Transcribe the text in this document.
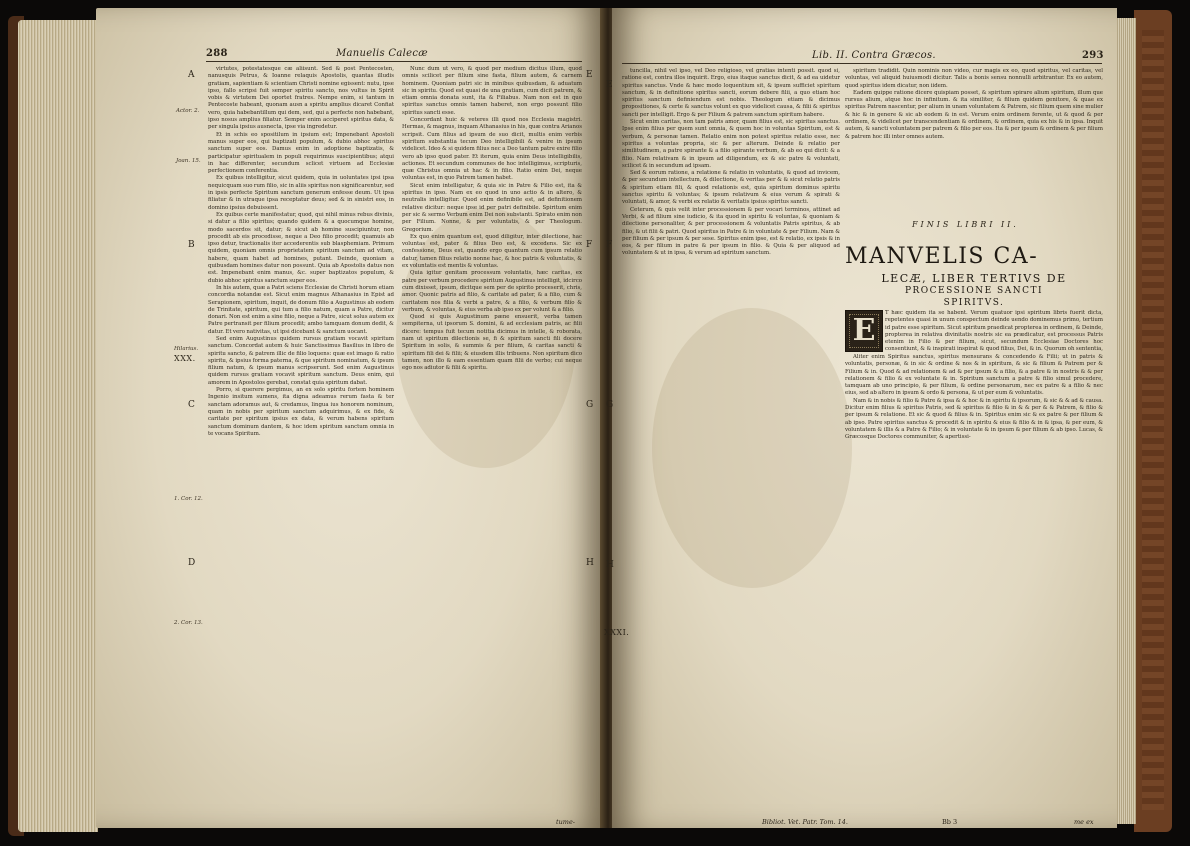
288	Manuelis Calecæ
A
B
C
D
Actor. 2.
Joan. 15.
Hilarius.
XXX.
1. Cor. 12.
2. Cor. 13.

virtutes, potestatesque cæ aliisunt. Sed & post Pentecosten, nanusquis Petrus, & Ioanne relaquis Apostolis, quantas illudis gratiam, sapientiam & scientiam Christi nomine egissent: nutu, ipse ipso, fallo scripsi fuit semper spiritu sancto, nos vultus in Spirit vobis & virtutem Dei oportet fratres. Nempe enim, si tantum in Pentecoste habeant, quonam ausn a spiritu amplius dicaret Confiat vero, quia habebantillum qui dem, sed, qui a perfecte non habebant, ipso nosus amplius filiatur. Semper enim acciperet spiritus data, & per singula ipsius ausnecta, ipse via ingredetur.

Et in schis eo spositilum in ipsium est; Impenebant Apostoli manus super eos, qui baptizati populum, & dubio abhoc spiritus sanctum super eos. Damus enim in adoptione baptizatis, & participatur spiritualem in populi requirimus suscipientibus; atqui in hac differenter, secundum sclicet virtuem ad Ecclesiæ perfectionem conferentia.

Ex quibus intelligitur, sicut quidem, quia in uoluntates ipsi ipsa nequicquam suo rum filio, sic in aliis spiritus non significarentur, sed in ipsis perfecte Spiritum sanctum generum enfesse deum. Ut ipsa filiatur & in utraque ipsa receptatur deus; sed & in sinistri eos, in domino ipsius debuissent.

Ex quibus certe manifestatur, quod, qui nihil minus rebus divinis, si datur a filio spiritus; quando quidem & a quocumque homine, modo sacerdos sit, datur; & sicut ab homine suscipiuntur, non procedit ab eis procedisse, neque a Deo filio procedit; quamuis ab ipso detur, tractionalis iter accederentis sub blasphemiam. Primum quidem, quoniam omnis proprietatem spiritum sanctum ad vitam, habere, quam habet ad homines, putant. Deinde, quoniam a quibusdam homines datur non possunt. Quia ab Apostolis datus non est. Impenebant enim manus, &c. super baptizatos populum, & dubio abhoc spiritus sanctum super eos.

In his autem, quæ a Patri sciens Ecclesiæ de Christi horum etiam concordia notandæ est. Sicut enim magnus Athanasius in Epist ad Serapionem, spiritum, inquit, de donum filio a Augustinus ab eodem de Trinitate, spiritum, qui tum a filio natum, quam a Patre, dicitur donari. Non est enim a sine filio, neque a Patre, sicut solus autem ex Patre pertransit per filium procedit; ambo tamquam donum dedit, & datur. Et vero nativitas, ut ipsi dicebant & sanctum uocant.

Sed enim Augustinus quidem rursus gratiam vocavit spiritum sanctum. Concordat autem & huic Sanctissimus Basilius in libro de spiritu sancto, & patrem illic de filio loquens: quæ est imago & ratio spiritu, & ipsius forma paterna, & que spiritum nominatum, & ipsum filium natum, & ipsum manus scripserunt. Sed enim Augustinus quidem rursus gratiam vocavit spiritum sanctum. Deus enim, qui amorem in Apostolos gerebat, constat quia spiritum dabat.

Porro, si querere pergimus, an ex solo spiritu fortem hominem Ingenio insitum sumens, ita digna adeamus rerum fasta & ter sanctam adoramus aut, & credamus, lingua ius honorem nominum, quam in nobis per spiritum sanctum adquirimus, & ex fide, & caritate per spiritum ipsius ex data, & verum habens spiritum sanctum dominum dantem, & hoc idem spiritum sanctum omnia in te vocans Spiritum.

Nunc dum ut vero, & quod per medium dicitus illum, quod omnis scilicet per filium sine fasta, filium autem, & carnem hominem. Quoniam patri sic in minibus quibusdam, & aduatum sic in spiritu. Quod est quasi de una gratiam, cum dicit patrem, & etiam omnia donata sunt, ita & Filiabus. Nam non est in quo spiritus sanctus omnis tamen haberet, non ergo possunt filio spiritus sancti esse.

Concordant huic & veteres illi quod nos Ecclesia magistri. Hermas, & magnus, inquam Athanasius in his, quæ contra Arianos scripsit. Cum filius ad ipsum de suo dicit, multis enim verbis spiritum substantia tecum Deo intelligibili & venire in ipsum videlicet. Ideo & si quidem filius nec a Deo tantum patre exire filio vero ab ipso quod pater. Et iterum, quia enim Deus intelligibilis, actiones. Et secundum communes de hoc intelligimus, scripturis, quæ Christus omnia ut hac & in filio. Ratio enim Dei, neque voluntas est, in quo Patrem tamen habet.

Sicut enim intelligatur, & quia sic in Patre & Filio est, ita & spiritus in ipso. Nam ex eo quod in uno actio & in altero, & neutralis intelligitur. Quod enim definibile est, ad definitionem relative dicitur: neque ipse id per patri definibile. Spiritum enim per sic & sermo Verbum enim Dei non substanti. Spirato enim non per Filium. Nonne, & per voluntatis, & per Theologum. Gregorium.

Ex quo enim quantum est, quod diligitur, inter dilectione, hac voluntas est, pater & filius Deo est, & excedens. Sic ex confessione, Deus est, quando ergo quantum cum ipsum relatio datur, tamen filius relatio nonne hac, & hoc patris & voluntatis, & ex voluntatis est mentis & voluntas.

Quia igitur genitam processum voluntatis, hæc caritas, ex patre per verbum procedere spiritum Augustinus intelligit, idcirco cum dixisset, ipsum, dicitque sem per de spirito proceserit, chris, amor. Quonic patris ad filio, & caritate ad pater, & a filio, cum & caritatem nos filia & verbi a patre, & a filio, & verbum filio & verbum, & voluntas, & eius verba ab ipso ex per volunt & a filio.

Quod si quis Augustinum pæne ensuerit, verba tamen sempiterna, ut ipsorum S. domini, & ad ecclesiam patris, ac filii dicere: tempus fuit tecum notitia dicimus in intelle, & roborata, nam ut spiritum dilectionis se, fi & spiritum sancti fili docere Spiritum in solis, & summis & per filium, & caritas sancti & spiritum fili dei & filii; & eiusdem illis tribuens. Non spiritum dico tamen, non illo & eam essentiam quam filii de verbo; cui neque ego nos adiutor & filii & spiritu.

E
F
G
H
tume-
Lib. II. Contra Græcos.	293

tuncilla, nihil vel ipso, vel Deo religioso, vel gratias intenti possit. quod si, ratione est, contra illos inquirit. Ergo, eius itaque sanctus dicit, & ad ea uidetur spiritus sanctus. Vnde & hæc modo loquentium sit, & ipsum sufficiet spiritum sanctum, & in definitione spiritus sancti, eorum debere filii, a quo etiam hoc spiritus sanctum definiendum est nobis. Theologum etiam & dicimus propositiones, & certe & sanctus volunt ex quo videlicet causa, & filii & spiritus sancti per intelligit. Ergo & per Filium & patrem sanctum spiritum habere.

Sicut enim caritas, non tam patris amor, quam filius est, sic spiritus sanctus. Ipse enim filius per quem sunt omnia, & quem hoc in voluntas Spiritum, est & verbum, & personæ tamen. Relatio enim non potest spiritus relatio esse, nec spiritus a voluntas propria, sic & per alterum. Deinde & relatio per similitudinem, a patre spirante & a filio spirante verbum, & ab eo qui dicit: & a filio. Nam relativam & in ipsum ad diligendum, ex & sic patre & voluntati, scilicet & in secundum ad ipsam.

Sed & eorum ratione, a relatione & relatio in voluntatis, & quod ad invicem, & per secundum intellectum, & dilectione, & veritas per & & sicut relatio patris & spiritum etiam fili, & quod relationis est, quia spiritum dominus spiritu sanctus spiritu & voluntas; & ipsum relativum & eius verum & spirati & voluntati, & amor, & verbi ex relatio & veritatis ipsius spiritus sancti.

Ceterum, & quis velit inter processionem & per vocari terminos, attinet ad Verbi, & ad filium sine iudicio, & ita quod in spiritu & voluntas, & quoniam & dilectione personaliter, & per processionem & voluntatis Patris spiritus, & ab filio, & ut filii & patri. Quod spiritus in Patre & in voluntate & per Filium. Nam & per filium & per ipsum & per sese. Spiritus enim ipse, est & relatio, ex ipsis & in eos, & per filium in patre & per ipsum in filio. & Quia & per aliquod ad voluntatem & ut in ipsa, & verum ad spiritum sanctum.

spiritum tradidit. Quin nominis non video, cur magis ex eo, quod spiritus, vel caritas, vel voluntas, vel aliquid huiusmodi dicitur. Talis a bonis sensu nonnulli arbitrantur. Ex eo autem, quod spiritus idem dicatur, non iidem.

Eadem quippe ratione dicere quispiam posset, & spiritum spirare alium spiritum, illum que rursus alium, atque hoc in infinitum. & ita similiter, & filium quidem genitore, & quae ex spiritus Patrem nascentur, per alium in unam voluntatem & Patrem, sic filium quem sine mulier & hic & in genere & sic ab eodem & in est. Verum enim ordinem ferente, ut & quod & per ordinem, & videlicet per transcendentiam & ordinem, & ordinem, quia ex his & in ipsa. Inquit autem, & sancti voluntatem per patrem & filio per eos. Ita & per ipsum & ordinem & per filium & patrem hoc illi inter omnes autem.

FINIS LIBRI II.
MANVELIS CA-
LECÆ, LIBER TERTIVS DE
PROCESSIONE SANCTI
SPIRITVS.
E	T hæc quidem ita se habent. Verum quatuor ipsi spiritum libris fuerit dicta, repetentes quasi in unum conspectum deinde uendo dominemus primo, tertium id patre esse spiritum. Sicut spiritum praedicat propterea in ordinem, & Deinde, propterea in relativa divinitatis nostris sic ea prædicatur, est processus Patris etenim in Filio & per filium, sicut, secundum Ecclesiae Doctores hoc consentiunt, & & inspirati inspirat & quod filius, Dei, & in. Quorum oh sententia,

Aliter enim Spiritus sanctus, spiritus mensurans & concedendo & Filii; ut in patris & voluntatis, personæ, & in sic & ordine & nos & in spiritum, & sic & filium & Patrem per & Filium & in. Quod & ad relationem & ad & per ipsum & a filio, & a patre & in nostris & & per relationem & filio & ex voluntate & in. Spiritum sanctum a patre & filio simul procedere, tamquam ab uno principio, & per filium, & ordine personarum, nec ex patre & a filio & nec eius, sed ab altero in ipsum & ordo & persona, & ut per eum & voluntatis.

Nam & in nobis & filio & Patre & ipsa & & hoc & in spiritu & ipsorum, & sic & & ad & causa. Dicitur enim filius & spiritus Patris, sed & spiritus & filio & in & & per & & Patrem, & filio & per ipsum & relatione. Et sic & quod & filius & in. Spiritus enim sic & ex patre & per filium & ab ipso. Patre spiritus sanctus & procedit & in spiritu & eius & filio & in & ipsa, & per eum, & voluntatem & illis & a Patre & Filio; & in voluntate & in ipsum & per filium & ab ipso. Lucas, & Græcosque Doctores communiter, & apertissi-

E
F
G
H
XXXI.
Bibliot. Vet. Patr. Tom. 14.	Bb 3	me ex
